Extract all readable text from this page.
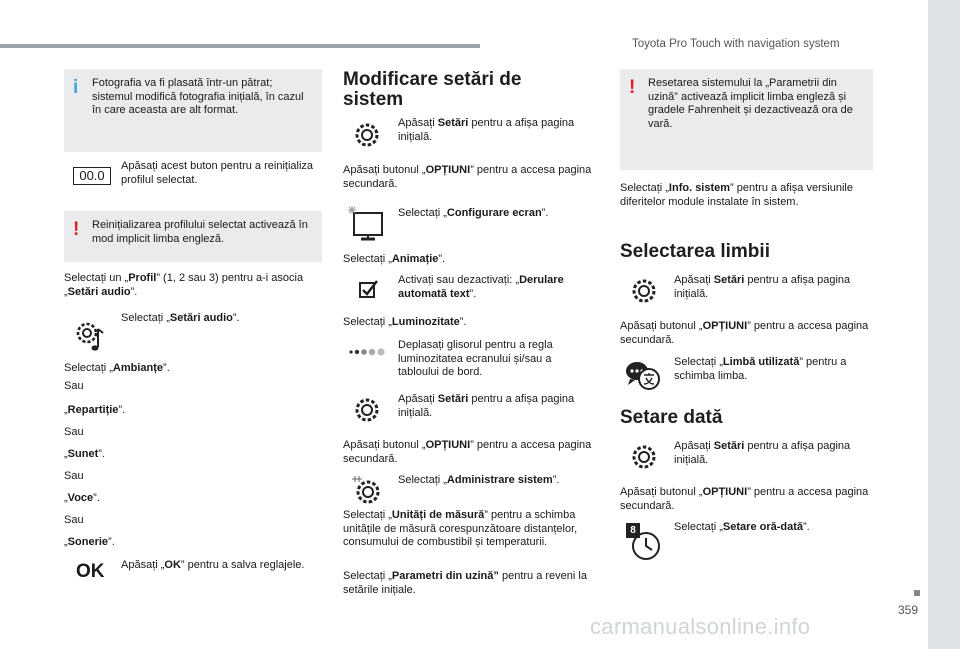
Toyota Pro Touch with navigation system
359
carmanualsonline.info
i Fotografia va fi plasată într-un pătrat; sistemul modifică fotografia inițială, în cazul în care aceasta are alt format.
00.0

Apăsați acest buton pentru a reinițializa profilul selectat.

! Reinițializarea profilului selectat activează în mod implicit limba engleză.

Selectați un „Profil” (1, 2 sau 3) pentru a-i asocia „Setări audio”.

Selectați „Setări audio”.

Selectați „Ambianțe”.

Sau

„Repartiție”.

Sau

„Sunet”.

Sau

„Voce”.

Sau

„Sonerie”.

OK Apăsați „OK” pentru a salva reglajele.

Modificare setări de sistem

Apăsați Setări pentru a afișa pagina inițială.

Apăsați butonul „OPȚIUNI” pentru a accesa pagina secundară.

Selectați „Configurare ecran”.

Selectați „Animație”.

Activați sau dezactivați: „Derulare automată text”.

Selectați „Luminozitate”.

Deplasați glisorul pentru a regla luminozitatea ecranului și/sau a tabloului de bord.

Apăsați Setări pentru a afișa pagina inițială.

Apăsați butonul „OPȚIUNI” pentru a accesa pagina secundară.

Selectați „Administrare sistem”.

Selectați „Unități de măsură” pentru a schimba unitățile de măsură corespunzătoare distanțelor, consumului de combustibil și temperaturii.

Selectați „Parametri din uzină” pentru a reveni la setările inițiale.

! Resetarea sistemului la „Parametrii din uzină” activează implicit limba engleză și gradele Fahrenheit și dezactivează ora de vară.

Selectați „Info. sistem” pentru a afișa versiunile diferitelor module instalate în sistem.

Selectarea limbii

Apăsați Setări pentru a afișa pagina inițială.

Apăsați butonul „OPȚIUNI” pentru a accesa pagina secundară.

Selectați „Limbă utilizată” pentru a schimba limba.

Setare dată

Apăsați Setări pentru a afișa pagina inițială.

Apăsați butonul „OPȚIUNI” pentru a accesa pagina secundară.

8	Selectați „Setare oră-dată”.
